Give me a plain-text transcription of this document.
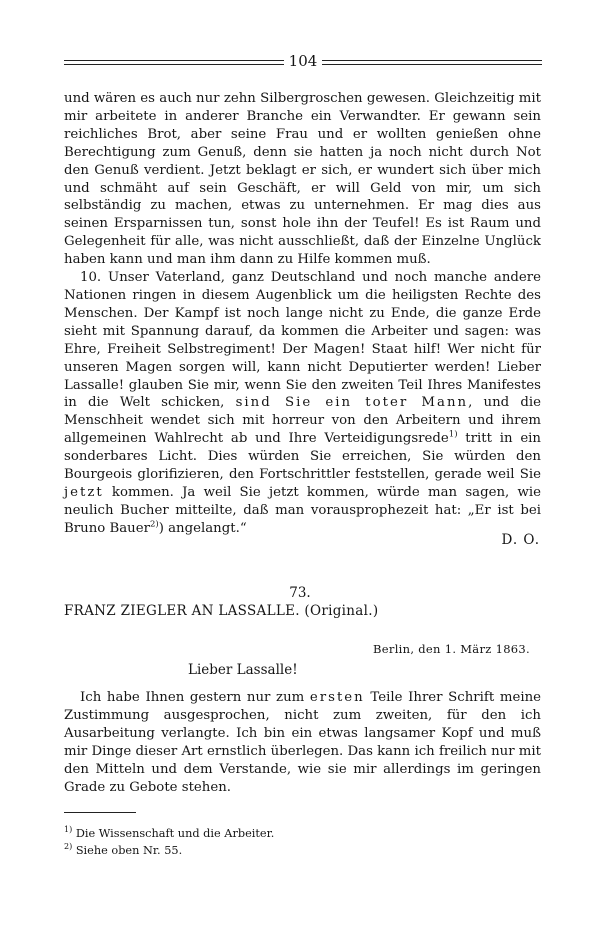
104

und wären es auch nur zehn Silbergroschen gewesen. Gleichzeitig mit mir arbeitete in anderer Branche ein Verwandter. Er gewann sein reichliches Brot, aber seine Frau und er wollten genießen ohne Berechtigung zum Genuß, denn sie hatten ja noch nicht durch Not den Genuß verdient. Jetzt beklagt er sich, er wundert sich über mich und schmäht auf sein Geschäft, er will Geld von mir, um sich selbständig zu machen, etwas zu unternehmen. Er mag dies aus seinen Ersparnissen tun, sonst hole ihn der Teufel! Es ist Raum und Gelegenheit für alle, was nicht ausschließt, daß der Einzelne Unglück haben kann und man ihm dann zu Hilfe kommen muß.

10. Unser Vaterland, ganz Deutschland und noch manche andere Nationen ringen in diesem Augenblick um die heiligsten Rechte des Menschen. Der Kampf ist noch lange nicht zu Ende, die ganze Erde sieht mit Spannung darauf, da kommen die Arbeiter und sagen: was Ehre, Freiheit Selbstregiment! Der Magen! Staat hilf! Wer nicht für unseren Magen sorgen will, kann nicht Deputierter werden! Lieber Lassalle! glauben Sie mir, wenn Sie den zweiten Teil Ihres Manifestes in die Welt schicken, sind Sie ein toter Mann, und die Menschheit wendet sich mit horreur von den Arbeitern und ihrem allgemeinen Wahlrecht ab und Ihre Verteidigungsrede$^{1)}$ tritt in ein sonderbares Licht. Dies würden Sie erreichen, Sie würden den Bourgeois glorifizieren, den Fortschrittler feststellen, gerade weil Sie jetzt kommen. Ja weil Sie jetzt kommen, würde man sagen, wie neulich Bucher mitteilte, daß man vorausprophezeit hat: „Er ist bei Bruno Bauer$^{2)}$) angelangt.“

D. O.
73.
FRANZ ZIEGLER AN LASSALLE. (Original.)
Berlin, den 1. März 1863.
Lieber Lassalle!

Ich habe Ihnen gestern nur zum ersten Teile Ihrer Schrift meine Zustimmung ausgesprochen, nicht zum zweiten, für den ich Ausarbeitung verlangte. Ich bin ein etwas langsamer Kopf und muß mir Dinge dieser Art ernstlich überlegen. Das kann ich freilich nur mit den Mitteln und dem Verstande, wie sie mir allerdings im geringen Grade zu Gebote stehen.

$^{1)}$ Die Wissenschaft und die Arbeiter.
$^{2)}$ Siehe oben Nr. 55.
